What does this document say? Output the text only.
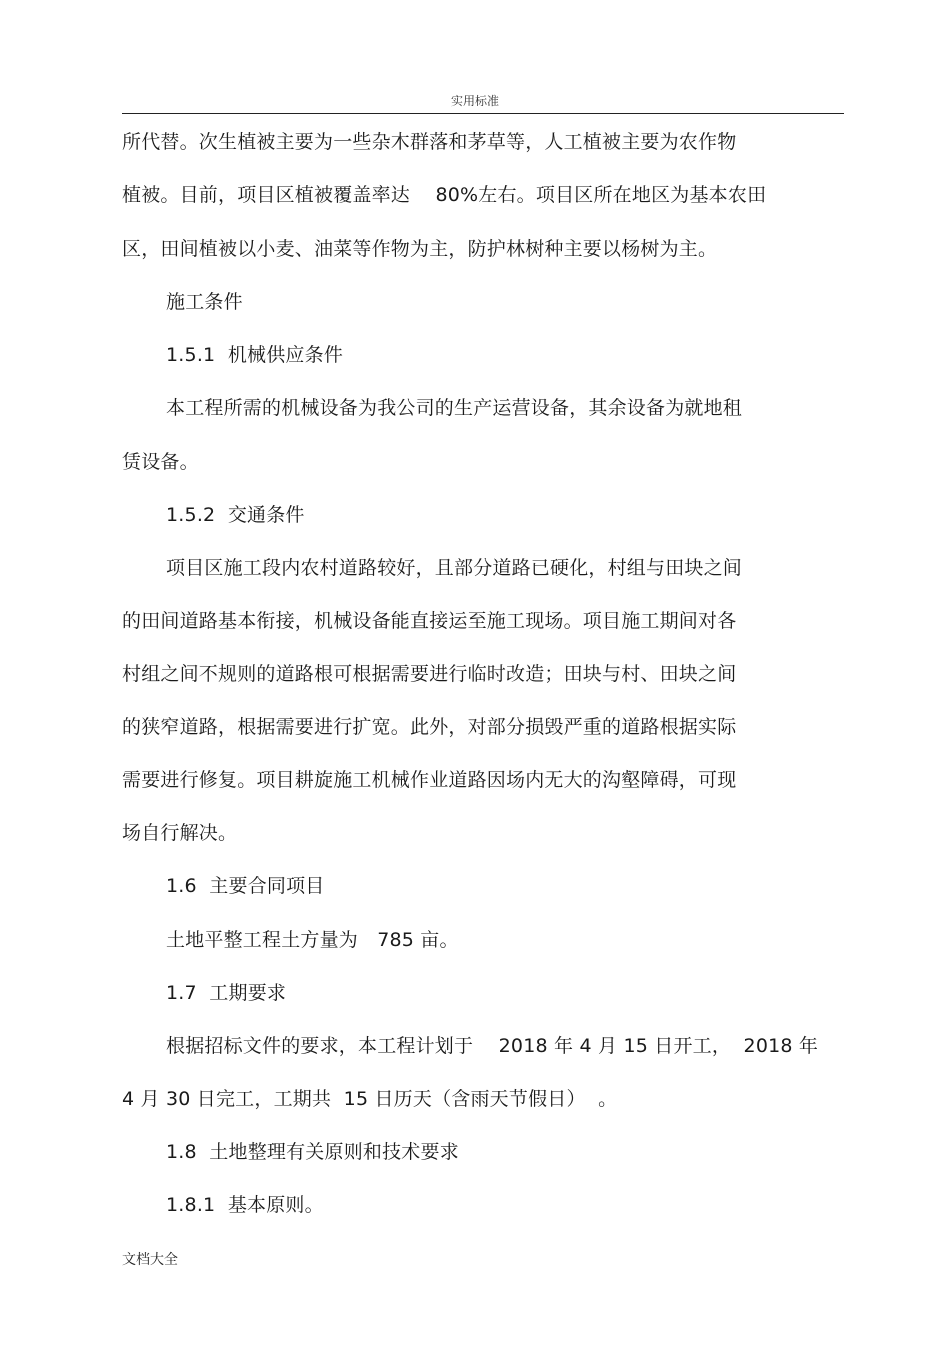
实用标准
所代替。次生植被主要为一些杂木群落和茅草等，人工植被主要为农作物
植被。目前，项目区植被覆盖率达　 80%左右。项目区所在地区为基本农田
区，田间植被以小麦、油菜等作物为主，防护林树种主要以杨树为主。
施工条件
1.5.1  机械供应条件
本工程所需的机械设备为我公司的生产运营设备，其余设备为就地租
赁设备。
1.5.2  交通条件
项目区施工段内农村道路较好，且部分道路已硬化，村组与田块之间
的田间道路基本衔接，机械设备能直接运至施工现场。项目施工期间对各
村组之间不规则的道路根可根据需要进行临时改造；田块与村、田块之间
的狭窄道路，根据需要进行扩宽。此外，对部分损毁严重的道路根据实际
需要进行修复。项目耕旋施工机械作业道路因场内无大的沟壑障碍，可现
场自行解决。
1.6  主要合同项目
土地平整工程土方量为　785 亩。
1.7  工期要求
根据招标文件的要求，本工程计划于　 2018 年 4 月 15 日开工，  2018 年
4 月 30 日完工，工期共  15 日历天（含雨天节假日）  。
1.8  土地整理有关原则和技术要求
1.8.1  基本原则。
文档大全
